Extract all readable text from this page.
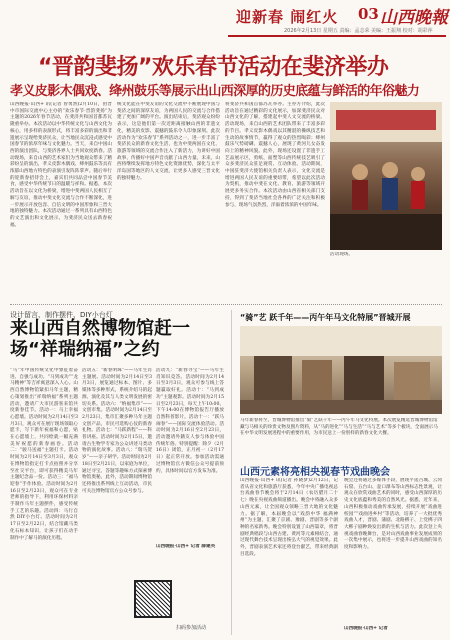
迎新春 闹红火 03 山西晚報
2026年2月13日 星期五 责编：孟志荣 美编：王振翔 校对：胡彩萍
“晋韵斐扬”欢乐春节活动在斐济举办
孝义皮影木偶戏、绛州鼓乐等展示出山西深厚的历史底蕴与鲜活的年俗魅力
山西晚报·山西+ 讯(记者 曾勇然)2月10日，由晋中市国际交流中心主办的“欢乐春节·晋韵斐扬”为主题的2026年春节活动，在斐济共和国首都苏瓦隆重举办。本次活动以中华传统文化与山西文化为核心，用多样的表演形式，将丰富多彩的演出和非遗展示呈现给斐济民众，让当地民众沉浸式感受中国春节的浓厚年味与文化魅力。当天，来自中国山西的演出团队，与斐济各界人士共同欢度新春。活动现场，来自山西的艺术家们为当地观众带来了精彩纷呈的演出，孝义皮影木偶戏、绛州鼓乐等具有浓郁山西地方特色的表演引发阵阵掌声。随后举行的迎新春招待会上，嘉宾们共同品尝中国春节美食，感受中华传统节日的温暖与祥和。据悉，本次活动旨在以文化为桥梁，增进中斐两国人民相互了解与友谊，推动中斐文化交流与合作不断深化，进一步展示开放包容、自信文明的中国形象和三晋大地的独特魅力。本次活动通过一系列具有山西特色的文艺演出和文化展示，为斐济民众送去新春祝福。
统文化能在中斐友谊的文化交流中不断展现中国与斐济之间的深厚友谊，为两国人民的交流与合作搭建了更加广阔的平台。演出结束后，斐济观众纷纷表示，这是他们第一次近距离接触山西的非遗文化，精美的皮影、震撼的鼓乐令人印象深刻。此次活动作为“欢乐春节”系列活动之一，进一步丰富了斐济民众的新春文化生活，也为中斐两国在文化、旅游等领域的交流合作注入了新活力，为讲好中国故事、传播好中国声音贡献了山西力量。未来，山西将继续发挥地方特色文化资源优势，深化与太平洋岛国等地区的人文交流，让更多人感受三晋文化的独特魅力。
将斐济共和国首都苏瓦举办。主办方介绍，此次活动旨在通过精彩的文化展示，加深斐济民众对山西文化的了解，搭建起中斐人文交流的桥梁。活动现场，来自山西的艺术团队带来了丰富多彩的节目。孝义皮影木偶戏以其精湛的操纵技艺和生动的故事情节，赢得了观众的热烈喝彩；绛州鼓乐气势磅礴、震撼人心，展现了黄河儿女奋发向上的精神风貌。此外，现场还设置了非遗手工艺品展示区，剪纸、面塑等山西传统技艺吸引了众多斐济民众驻足观赏、互动体验。活动期间，中国驻斐济大使馆相关负责人表示，文化交流是增进两国人民友谊的重要纽带，希望以此次活动为契机，推动中斐在文化、教育、旅游等领域开展更多务实合作。本次活动由山西省相关部门支持，得到了斐济当地社会各界的广泛关注和积极参与，现场气氛热烈，洋溢着浓浓的中国年味。
活动现场。
设计留言、制作摆件、DIY小台灯
来山西自然博物馆赶一场“祥瑞纳福”之约
“马”年中国传统文化中象征着奋进、自强与成功。“马到成功”“龙马精神”等吉祥寓意深入人心。山西自然博物馆紧扣马年主题，精心策划推出“祥瑞纳福”系列主题活动，邀请广大市民游客来馆共度新春佳节。活动一：马上幸福心愿墙。活动时间为2月14日至3月3日，观众可在展厅现场领取心愿卡，写下新年祝福和心愿，贴在心愿墙上，共同绘就一幅充满美好祝愿的新春画卷。活动二：“骏马送福”主题打卡。活动时间为2月14日至3月3日，观众在博物馆指定打卡点拍照并分享至社交平台，即可获得精美马年主题纪念品一份。活动三：“福马迎春”手作体验。活动时间为2月16日至2月23日，观众可在专业老师的指导下，利用环保材料亲手制作马年主题摆件，感受传统手工艺的乐趣。活动四：马行自然 DIY小台灯。活动时间为2月17日至2月22日，结合馆藏马类化石标本知识，让孩子们在动手制作中了解马的演化历程。
活动五：“新春明珠”——马年生肖主题展。活动时间为2月14日至3月3日，展览通过标本、图片、多媒体等多种形式，系统介绍马的起源、演化及其与人类文明发展的密切关系。活动六：“纳福集市”——文创市集。活动时间为2月14日至2月23日，集市汇聚多种马年主题文创产品，市民可选购心仪的新春礼物。活动七：“马跃新程”——科普讲座。活动时间为2月15日，邀请古生物学专家为公众讲述马类动物的演化故事。活动八：“瑞马贺岁”——亲子研学。活动时间为2月18日至2月21日，以家庭为单位，通过寻宝、答题等趣味方式探索博物馆奥秘。此外，活动期间博物馆还将推出系列线上互动活动，市民可关注博物馆官方公众号参与。
活动九：“新春寻宝”——马年生肖知识竞答。活动时间为2月14日至3月3日，观众可参与线上答题赢取好礼。活动十：“马到成功”主题观影。活动时间为2月15日至2月23日，每天上午10:00、下午14:00在博物馆报告厅播放自然科普影片。活动十一：“跃马闹春”——国际交流体验活动。活动时间为2月16日至2月23日，活动邀请外籍友人参与体验中国传统年俗。特别提醒：除夕（2月16日）闭馆，正月初一（2月17日）起正常开放。参加活动需通过博物馆官方微信公众号提前预约，具体时间以官方发布为准。
山西晚报·山西+ 记者 薛建英
扫码参加活动
“骑”艺 跃千年——丙午年马文化特展”晋城开展
马年新春将至，晋城博物馆推出“骑”艺跃千年——丙午年马文化特展。本次展览精选晋城博物馆馆藏与马相关的珍贵文物及图片资料，从“马的进化”“马与生活”“马与艺术”等多个板块，全面展示马在中华文明发展进程中的重要作用，为市民送上一份别样的新春文化大餐。
山西元素将亮相央视春节戏曲晚会
山西晚报·山西+ 讯(记者 孙晓梦)2月12日，记者从省文化和旅游厅获悉，今年中央广播电视总台戏曲春节晚会将于2月14日（农历腊月二十七）晚在央视戏曲频道播出。晚会中将融入众多山西元素，让全国观众领略三晋大地的文化魅力。据了解，本届晚会以“戏韵中华 福满神州”为主题，汇聚了京剧、豫剧、晋剧等多个剧种的名家新秀。晚会特别设置了山西篇章，将晋剧经典唱段与山西古建、黄河等元素相结合，通过现代舞台技术呈现出恢弘大气的视觉效果。此外，晋剧表演艺术家还将登台献艺，带来经典剧目选段。
晚会还将通过多媒体手段，展现平遥古城、云冈石窟、五台山、壶口瀑布等山西标志性景观，让观众在欣赏戏曲艺术的同时，感受山西深厚的历史文化底蕴和秀美的自然风光。据悉，近年来，山西积极推动戏曲传承发展，持续开展“戏曲进校园”“戏曲进乡村”等活动，培养了一大批优秀戏曲人才，晋剧、蒲剧、北路梆子、上党梆子四大梆子剧种焕发出新的生机与活力。此次登上央视戏曲春晚舞台，是对山西戏曲事业发展成果的一次集中展示，也将进一步提升山西戏曲的知名度和影响力。
山西晚报·山西+ 记者
